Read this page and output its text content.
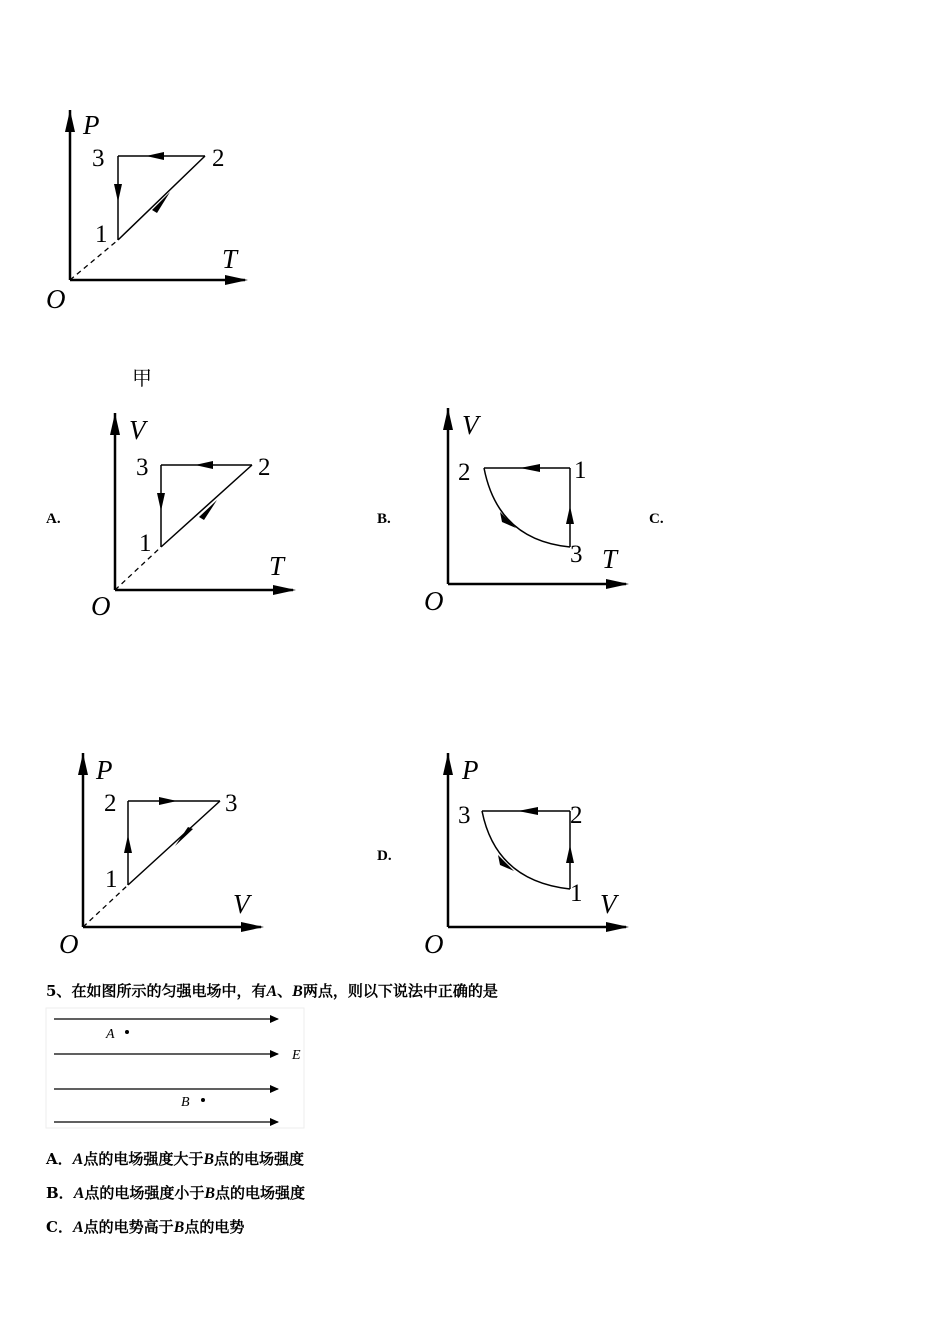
P
T
O
3	2
1
甲
A.
V
T
O
3	2
1
B.
V
T
O
2	1
3
C.
P
V
O
2	3
1
D.
P
V
O
3	2
1
5、在如图所示的匀强电场中，有A、B两点，则以下说法中正确的是
A
B
E
A．A点的电场强度大于B点的电场强度
B．A点的电场强度小于B点的电场强度
C．A点的电势高于B点的电势
